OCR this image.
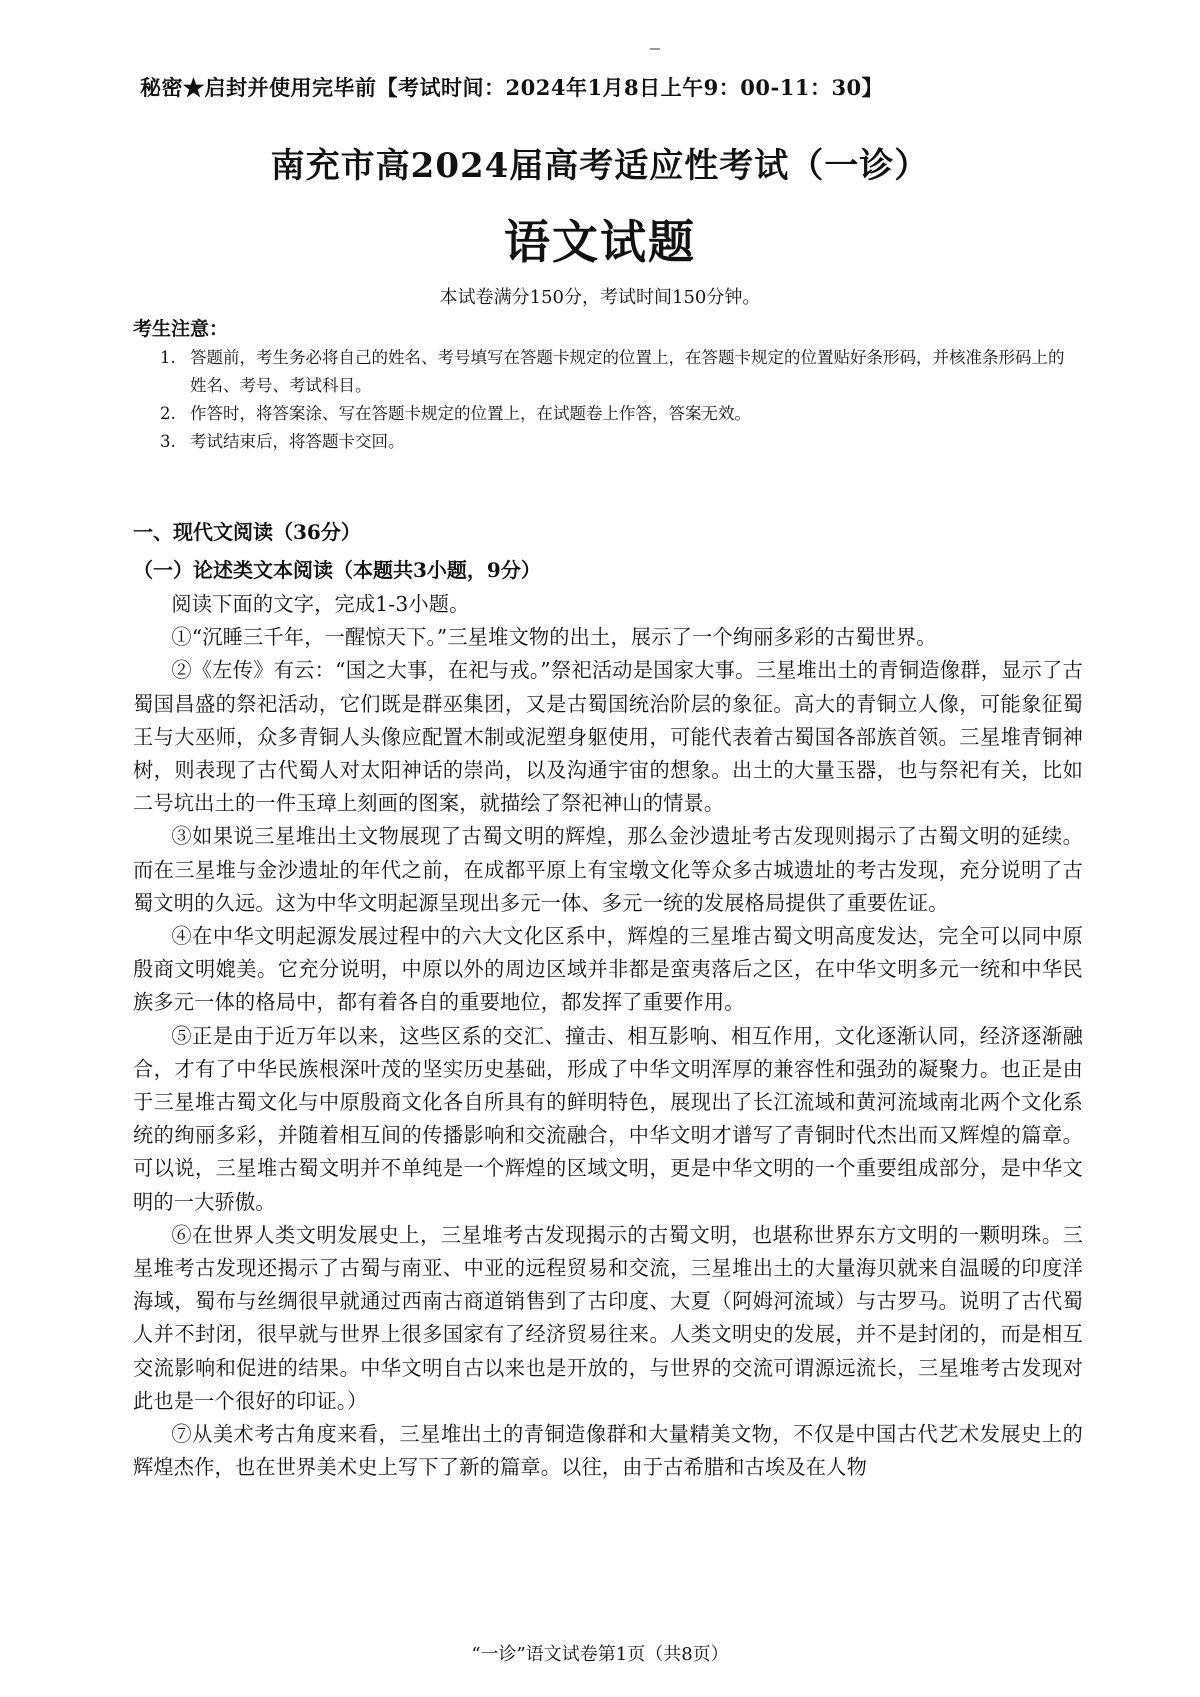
秘密★启封并使用完毕前【考试时间：2024年1月8日上午9：00-11：30】
南充市高2024届高考适应性考试（一诊）
语文试题
本试卷满分150分，考试时间150分钟。
考生注意：
1. 答题前，考生务必将自己的姓名、考号填写在答题卡规定的位置上，在答题卡规定的位置贴好条形码，并核准条形码上的姓名、考号、考试科目。
2. 作答时，将答案涂、写在答题卡规定的位置上，在试题卷上作答，答案无效。
3. 考试结束后，将答题卡交回。
一、现代文阅读（36分）
（一）论述类文本阅读（本题共3小题，9分）

阅读下面的文字，完成1-3小题。

①“沉睡三千年，一醒惊天下。”三星堆文物的出土，展示了一个绚丽多彩的古蜀世界。

②《左传》有云：“国之大事，在祀与戎。”祭祀活动是国家大事。三星堆出土的青铜造像群，显示了古蜀国昌盛的祭祀活动，它们既是群巫集团，又是古蜀国统治阶层的象征。高大的青铜立人像，可能象征蜀王与大巫师，众多青铜人头像应配置木制或泥塑身躯使用，可能代表着古蜀国各部族首领。三星堆青铜神树，则表现了古代蜀人对太阳神话的崇尚，以及沟通宇宙的想象。出土的大量玉器，也与祭祀有关，比如二号坑出土的一件玉璋上刻画的图案，就描绘了祭祀神山的情景。

③如果说三星堆出土文物展现了古蜀文明的辉煌，那么金沙遗址考古发现则揭示了古蜀文明的延续。而在三星堆与金沙遗址的年代之前，在成都平原上有宝墩文化等众多古城遗址的考古发现，充分说明了古蜀文明的久远。这为中华文明起源呈现出多元一体、多元一统的发展格局提供了重要佐证。

④在中华文明起源发展过程中的六大文化区系中，辉煌的三星堆古蜀文明高度发达，完全可以同中原殷商文明媲美。它充分说明，中原以外的周边区域并非都是蛮夷落后之区，在中华文明多元一统和中华民族多元一体的格局中，都有着各自的重要地位，都发挥了重要作用。

⑤正是由于近万年以来，这些区系的交汇、撞击、相互影响、相互作用，文化逐渐认同，经济逐渐融合，才有了中华民族根深叶茂的坚实历史基础，形成了中华文明浑厚的兼容性和强劲的凝聚力。也正是由于三星堆古蜀文化与中原殷商文化各自所具有的鲜明特色，展现出了长江流域和黄河流域南北两个文化系统的绚丽多彩，并随着相互间的传播影响和交流融合，中华文明才谱写了青铜时代杰出而又辉煌的篇章。可以说，三星堆古蜀文明并不单纯是一个辉煌的区域文明，更是中华文明的一个重要组成部分，是中华文明的一大骄傲。

⑥在世界人类文明发展史上，三星堆考古发现揭示的古蜀文明，也堪称世界东方文明的一颗明珠。三星堆考古发现还揭示了古蜀与南亚、中亚的远程贸易和交流，三星堆出土的大量海贝就来自温暖的印度洋海域，蜀布与丝绸很早就通过西南古商道销售到了古印度、大夏（阿姆河流域）与古罗马。说明了古代蜀人并不封闭，很早就与世界上很多国家有了经济贸易往来。人类文明史的发展，并不是封闭的，而是相互交流影响和促进的结果。中华文明自古以来也是开放的，与世界的交流可谓源远流长，三星堆考古发现对此也是一个很好的印证。）

⑦从美术考古角度来看，三星堆出土的青铜造像群和大量精美文物，不仅是中国古代艺术发展史上的辉煌杰作，也在世界美术史上写下了新的篇章。以往，由于古希腊和古埃及在人物

“一诊”语文试卷第1页（共8页）
